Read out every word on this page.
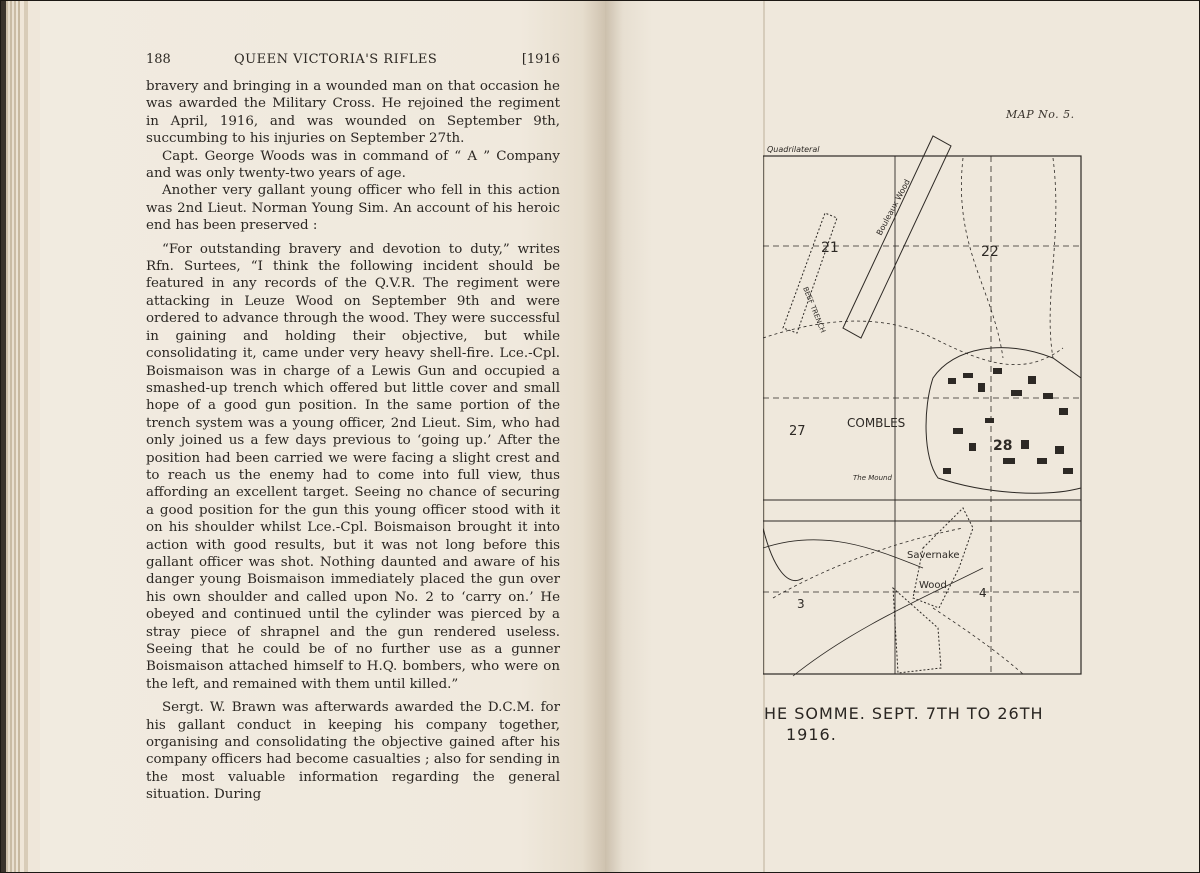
188	QUEEN VICTORIA'S RIFLES	[1916

bravery and bringing in a wounded man on that occasion he was awarded the Military Cross. He rejoined the regiment in April, 1916, and was wounded on September 9th, succumbing to his injuries on September 27th.

Capt. George Woods was in command of “ A ” Company and was only twenty-two years of age.

Another very gallant young officer who fell in this action was 2nd Lieut. Norman Young Sim. An account of his heroic end has been preserved :

“For outstanding bravery and devotion to duty,” writes Rfn. Surtees, “I think the following incident should be featured in any records of the Q.V.R. The regiment were attacking in Leuze Wood on September 9th and were ordered to advance through the wood. They were successful in gaining and holding their objective, but while consolidating it, came under very heavy shell-fire. Lce.-Cpl. Boismaison was in charge of a Lewis Gun and occupied a smashed-up trench which offered but little cover and small hope of a good gun position. In the same portion of the trench system was a young officer, 2nd Lieut. Sim, who had only joined us a few days previous to ‘going up.’ After the position had been carried we were facing a slight crest and to reach us the enemy had to come into full view, thus affording an excellent target. Seeing no chance of securing a good position for the gun this young officer stood with it on his shoulder whilst Lce.-Cpl. Boismaison brought it into action with good results, but it was not long before this gallant officer was shot. Nothing daunted and aware of his danger young Boismaison immediately placed the gun over his own shoulder and called upon No. 2 to ‘carry on.’ He obeyed and continued until the cylinder was pierced by a stray piece of shrapnel and the gun rendered useless. Seeing that he could be of no further use as a gunner Boismaison attached himself to H.Q. bombers, who were on the left, and remained with them until killed.”

Sergt. W. Brawn was afterwards awarded the D.C.M. for his gallant conduct in keeping his company together, organising and consolidating the objective gained after his company officers had become casualties ; also for sending in the most valuable information regarding the general situation. During

MAP No. 5.
Quadrilateral
Bouleaux Wood
BEEF TRENCH
21	22
27
28
COMBLES
The Mound
Savernake
Wood
3
4
HE SOMME. SEPT. 7TH TO 26TH
1916.
